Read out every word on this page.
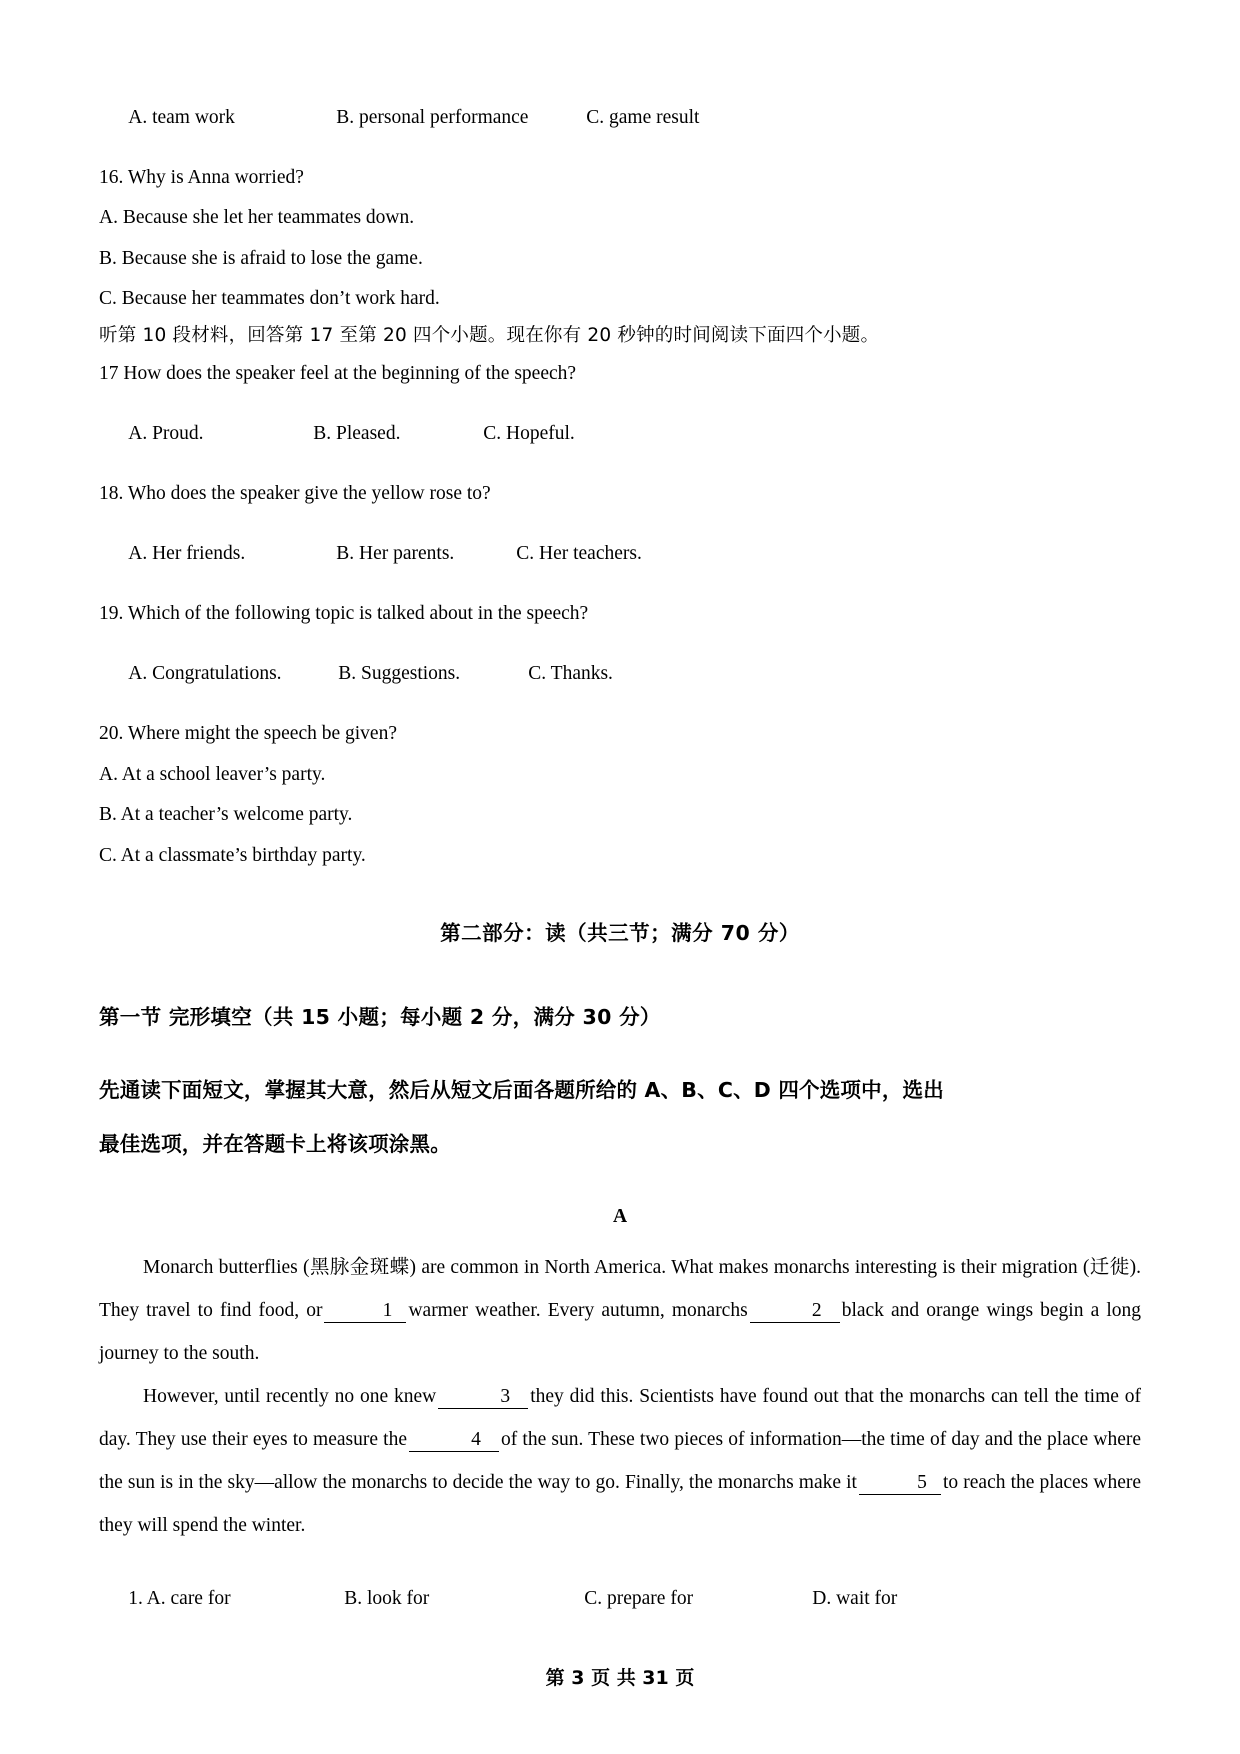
A. team work	B. personal performance	C. game result

16. Why is Anna worried?
A. Because she let her teammates down.
B. Because she is afraid to lose the game.
C. Because her teammates don’t work hard.
听第 10 段材料，回答第 17 至第 20 四个小题。现在你有 20 秒钟的时间阅读下面四个小题。
17 How does the speaker feel at the beginning of the speech?

A. Proud.	B. Pleased.	C. Hopeful.

18. Who does the speaker give the yellow rose to?

A. Her friends.	B. Her parents.	C. Her teachers.

19. Which of the following topic is talked about in the speech?

A. Congratulations.	B. Suggestions.	C. Thanks.

20. Where might the speech be given?
A. At a school leaver’s party.
B. At a teacher’s welcome party.
C. At a classmate’s birthday party.
第二部分：读（共三节；满分 70 分）
第一节 完形填空（共 15 小题；每小题 2 分，满分 30 分）
先通读下面短文，掌握其大意，然后从短文后面各题所给的 A、B、C、D 四个选项中，选出
最佳选项，并在答题卡上将该项涂黑。
A
Monarch butterflies (黑脉金斑蝶) are common in North America. What makes monarchs interesting is their migration (迁徙). They travel to find food, or	1 warmer weather. Every autumn, monarchs	2 black and orange wings begin a long journey to the south.
However, until recently no one knew	3 they did this. Scientists have found out that the monarchs can tell the time of day. They use their eyes to measure the	4 of the sun. These two pieces of information—the time of day and the place where the sun is in the sky—allow the monarchs to decide the way to go. Finally, the monarchs make it	5 to reach the places where they will spend the winter.

1. A. care for	B. look for	C. prepare for	D. wait for

第 3 页 共 31 页
